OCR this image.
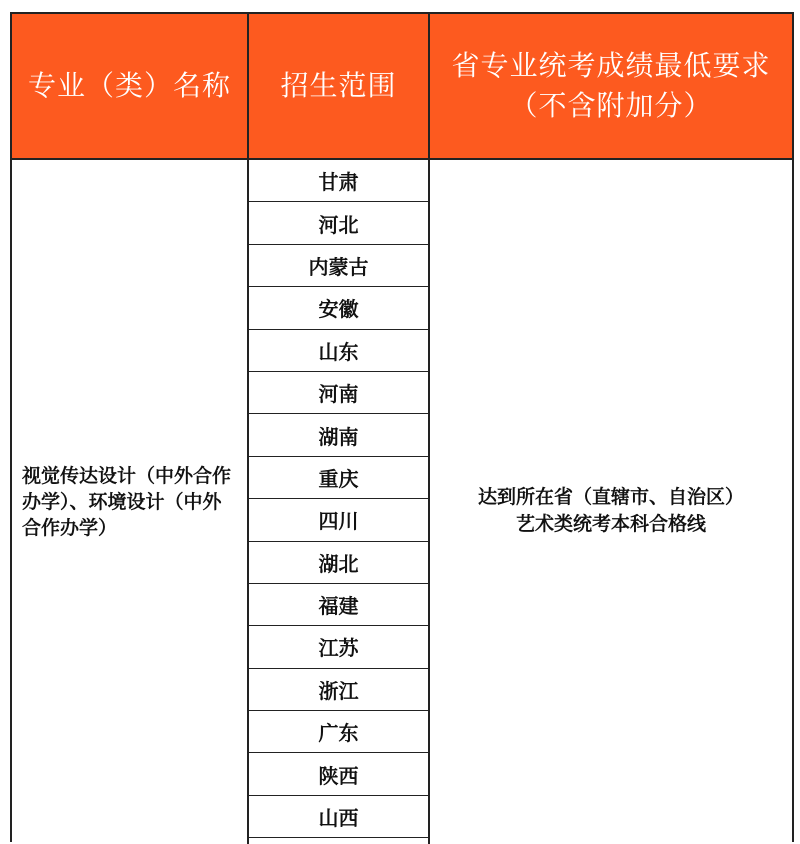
专业（类）名称	招生范围
省专业统考成绩最低要求
（不含附加分）
视觉传达设计（中外合作办学）、环境设计（中外合作办学）
甘肃
河北
内蒙古
安徽
山东
河南
湖南
重庆
四川
湖北
福建
江苏
浙江
广东
陕西
山西
达到所在省（直辖市、自治区）
艺术类统考本科合格线
